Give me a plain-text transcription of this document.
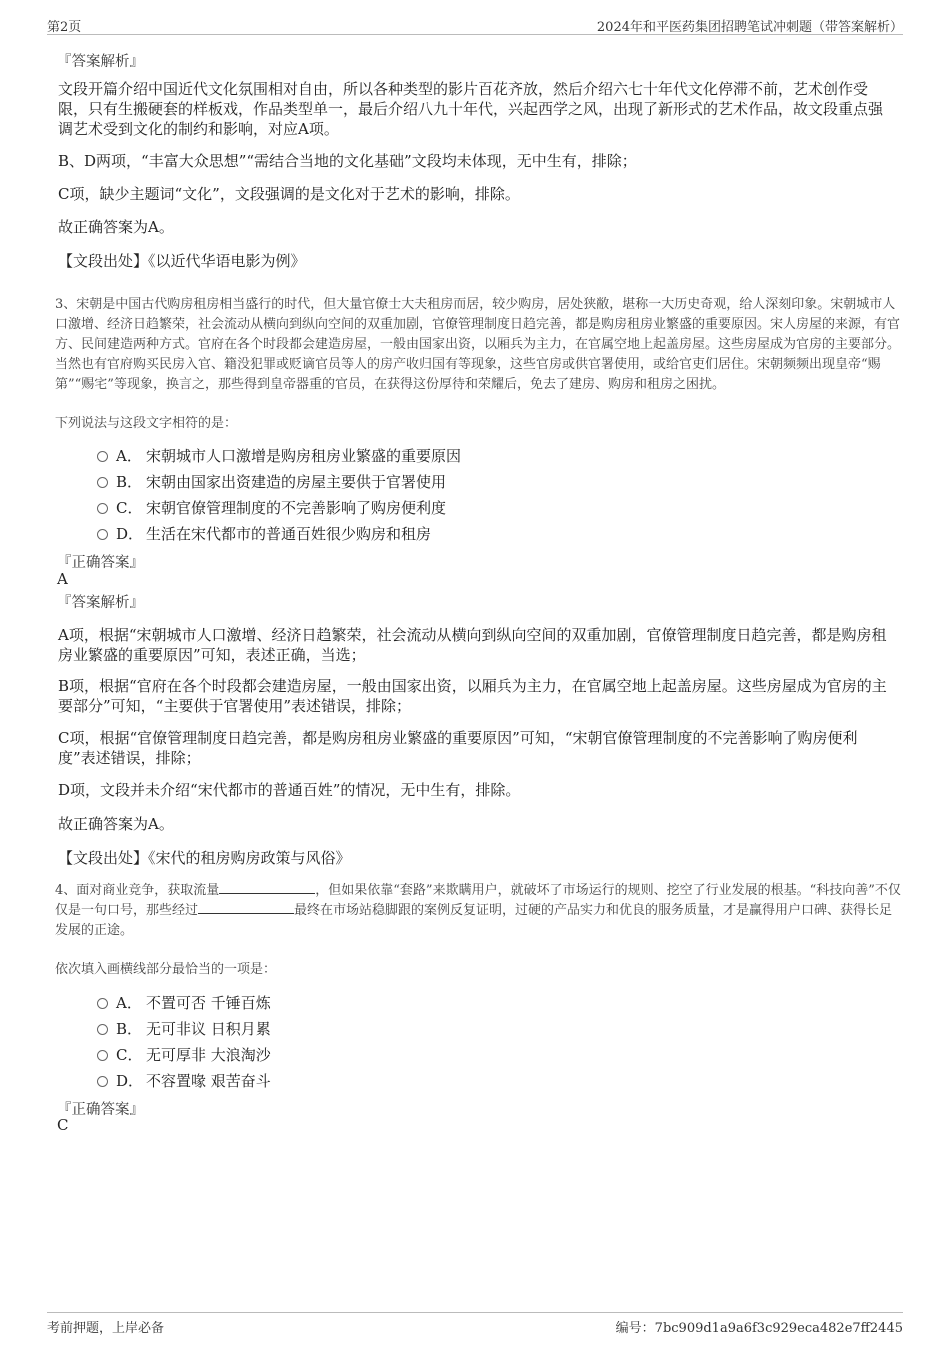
第2页	2024年和平医药集团招聘笔试冲刺题（带答案解析）
『答案解析』
文段开篇介绍中国近代文化氛围相对自由，所以各种类型的影片百花齐放，然后介绍六七十年代文化停滞不前，艺术创作受限，只有生搬硬套的样板戏，作品类型单一，最后介绍八九十年代，兴起西学之风，出现了新形式的艺术作品，故文段重点强调艺术受到文化的制约和影响，对应A项。
B、D两项，“丰富大众思想”“需结合当地的文化基础”文段均未体现，无中生有，排除；
C项，缺少主题词“文化”，文段强调的是文化对于艺术的影响，排除。
故正确答案为A。
【文段出处】《以近代华语电影为例》
3、宋朝是中国古代购房租房相当盛行的时代，但大量官僚士大夫租房而居，较少购房，居处狭敝，堪称一大历史奇观，给人深刻印象。宋朝城市人口激增、经济日趋繁荣，社会流动从横向到纵向空间的双重加剧，官僚管理制度日趋完善，都是购房租房业繁盛的重要原因。宋人房屋的来源，有官方、民间建造两种方式。官府在各个时段都会建造房屋，一般由国家出资，以厢兵为主力，在官属空地上起盖房屋。这些房屋成为官房的主要部分。当然也有官府购买民房入官、籍没犯罪或贬谪官员等人的房产收归国有等现象，这些官房或供官署使用，或给官吏们居住。宋朝频频出现皇帝“赐第”“赐宅”等现象，换言之，那些得到皇帝器重的官员，在获得这份厚待和荣耀后，免去了建房、购房和租房之困扰。
下列说法与这段文字相符的是：
A． 宋朝城市人口激增是购房租房业繁盛的重要原因
B． 宋朝由国家出资建造的房屋主要供于官署使用
C． 宋朝官僚管理制度的不完善影响了购房便利度
D． 生活在宋代都市的普通百姓很少购房和租房
『正确答案』
A
『答案解析』
A项，根据“宋朝城市人口激增、经济日趋繁荣，社会流动从横向到纵向空间的双重加剧，官僚管理制度日趋完善，都是购房租房业繁盛的重要原因”可知，表述正确，当选；
B项，根据“官府在各个时段都会建造房屋，一般由国家出资，以厢兵为主力，在官属空地上起盖房屋。这些房屋成为官房的主要部分”可知，“主要供于官署使用”表述错误，排除；
C项，根据“官僚管理制度日趋完善，都是购房租房业繁盛的重要原因”可知，“宋朝官僚管理制度的不完善影响了购房便利度”表述错误，排除；
D项，文段并未介绍“宋代都市的普通百姓”的情况，无中生有，排除。
故正确答案为A。
【文段出处】《宋代的租房购房政策与风俗》
4、面对商业竞争，获取流量	，但如果依靠“套路”来欺瞒用户，就破坏了市场运行的规则、挖空了行业发展的根基。“科技向善”不仅仅是一句口号，那些经过	最终在市场站稳脚跟的案例反复证明，过硬的产品实力和优良的服务质量，才是赢得用户口碑、获得长足发展的正途。
依次填入画横线部分最恰当的一项是：
A． 不置可否 千锤百炼
B． 无可非议 日积月累
C． 无可厚非 大浪淘沙
D． 不容置喙 艰苦奋斗
『正确答案』
C
考前押题，上岸必备	编号：7bc909d1a9a6f3c929eca482e7ff2445
